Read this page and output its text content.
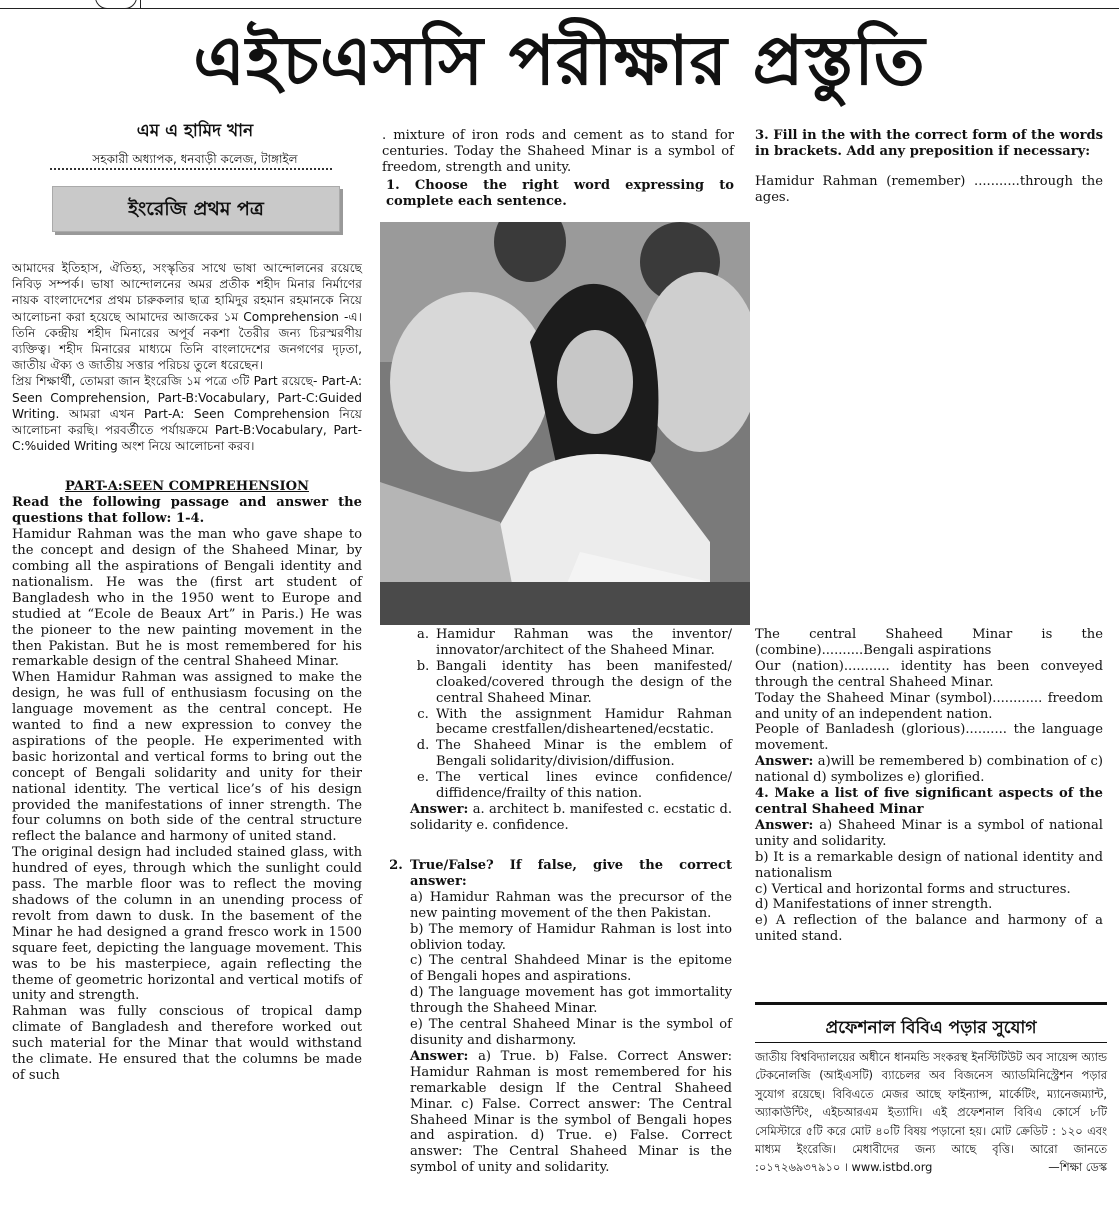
এইচএসসি পরীক্ষার প্রস্তুতি
এম এ হামিদ খান
সহকারী অধ্যাপক, ধনবাড়ী কলেজ, টাঙ্গাইল
ইংরেজি প্রথম পত্র

আমাদের ইতিহাস, ঐতিহ্য, সংস্কৃতির সাথে ভাষা আন্দোলনের রয়েছে নিবিড় সম্পর্ক। ভাষা আন্দোলনের অমর প্রতীক শহীদ মিনার নির্মাণের নায়ক বাংলাদেশের প্রথম চারুকলার ছাত্র হামিদুর রহমান রহমানকে নিয়ে আলোচনা করা হয়েছে আমাদের আজকের ১ম Comprehension -এ। তিনি কেন্দ্রীয় শহীদ মিনারের অপূর্ব নকশা তৈরীর জন্য চিরস্মরণীয় ব্যক্তিত্ব। শহীদ মিনারের মাধ্যমে তিনি বাংলাদেশের জনগণের দৃঢ়তা, জাতীয় ঐক্য ও জাতীয় সত্তার পরিচয় তুলে ধরেছেন।

প্রিয় শিক্ষার্থী, তোমরা জান ইংরেজি ১ম পত্রে ৩টি Part রয়েছে- Part-A: Seen Comprehension, Part-B:Vocabulary, Part-C:Guided Writing. আমরা এখন Part-A: Seen Comprehension নিয়ে আলোচনা করছি। পরবর্তীতে পর্যায়ক্রমে Part-B:Vocabulary, Part-C:%uided Writing অংশ নিয়ে আলোচনা করব।

PART-A:SEEN COMPREHENSION

Read the following passage and answer the questions that follow: 1-4.

Hamidur Rahman was the man who gave shape to the concept and design of the Shaheed Minar, by combing all the aspirations of Bengali identity and nationalism. He was the (first art student of Bangladesh who in the 1950 went to Europe and studied at “Ecole de Beaux Art” in Paris.) He was the pioneer to the new painting movement in the then Pakistan. But he is most remembered for his remarkable design of the central Shaheed Minar.

When Hamidur Rahman was assigned to make the design, he was full of enthusiasm focusing on the language movement as the central concept. He wanted to find a new expression to convey the aspirations of the people. He experimented with basic horizontal and vertical forms to bring out the concept of Bengali solidarity and unity for their national identity. The vertical lice’s of his design provided the manifestations of inner strength. The four columns on both side of the central structure reflect the balance and harmony of united stand.

The original design had included stained glass, with hundred of eyes, through which the sunlight could pass. The marble floor was to reflect the moving shadows of the column in an unending process of revolt from dawn to dusk. In the basement of the Minar he had designed a grand fresco work in 1500 square feet, depicting the language movement. This was to be his masterpiece, again reflecting the theme of geometric horizontal and vertical motifs of unity and strength.

Rahman was fully conscious of tropical damp climate of Bangladesh and therefore worked out such material for the Minar that would withstand the climate. He ensured that the columns be made of such

. mixture of iron rods and cement as to stand for centuries. Today the Shaheed Minar is a symbol of freedom, strength and unity.

1. Choose the right word expressing to complete each sentence.

a. Hamidur Rahman was the inventor/ innovator/architect of the Shaheed Minar.
b. Bangali identity has been manifested/ cloaked/covered through the design of the central Shaheed Minar.
c. With the assignment Hamidur Rahman became crestfallen/disheartened/ecstatic.
d. The Shaheed Minar is the emblem of Bengali solidarity/division/diffusion.
e. The vertical lines evince confidence/ diffidence/frailty of this nation.

Answer: a. architect b. manifested c. ecstatic d. solidarity e. confidence.

2. True/False? If false, give the correct answer:

a) Hamidur Rahman was the precursor of the new painting movement of the then Pakistan.

b) The memory of Hamidur Rahman is lost into oblivion today.

c) The central Shahdeed Minar is the epitome of Bengali hopes and aspirations.

d) The language movement has got immortality through the Shaheed Minar.

e) The central Shaheed Minar is the symbol of disunity and disharmony.

Answer: a) True. b) False. Correct Answer: Hamidur Rahman is most remembered for his remarkable design lf the Central Shaheed Minar. c) False. Correct answer: The Central Shaheed Minar is the symbol of Bengali hopes and aspiration. d) True. e) False. Correct answer: The Central Shaheed Minar is the symbol of unity and solidarity.

3. Fill in the with the correct form of the words in brackets. Add any preposition if necessary:

Hamidur Rahman (remember) ...........through the ages.

The central Shaheed Minar is the (combine)..........Bengali aspirations

Our (nation)........... identity has been conveyed through the central Shaheed Minar.

Today the Shaheed Minar (symbol)............ freedom and unity of an independent nation.

People of Banladesh (glorious).......... the language movement.

Answer: a)will be remembered b) combination of c) national d) symbolizes e) glorified.

4. Make a list of five significant aspects of the central Shaheed Minar

Answer: a) Shaheed Minar is a symbol of national unity and solidarity.

b) It is a remarkable design of national identity and nationalism

c) Vertical and horizontal forms and structures.

d) Manifestations of inner strength.

e) A reflection of the balance and harmony of a united stand.

প্রফেশনাল বিবিএ পড়ার সুযোগ
জাতীয় বিশ্ববিদ্যালয়ের অধীনে ধানমন্ডি সংকরস্থ ইনস্টিটিউট অব সায়েন্স অ্যান্ড টেকনোলজি (আইএসটি) ব্যাচেলর অব বিজনেস অ্যাডমিনিস্ট্রেশন পড়ার সুযোগ রয়েছে। বিবিএতে মেজর আছে ফাইন্যান্স, মার্কেটিং, ম্যানেজম্যান্ট, অ্যাকাউন্টিং, এইচআরএম ইত্যাদি। এই প্রফেশনাল বিবিএ কোর্সে ৮টি সেমিস্টারে ৫টি করে মোট ৪০টি বিষয় পড়ানো হয়। মোট ক্রেডিট : ১২০ এবং মাধ্যম ইংরেজি। মেধাবীদের জন্য আছে বৃত্তি। আরো জানতে :০১৭২৬৯৩৭৯১০ । www.istbd.org	—শিক্ষা ডেস্ক
